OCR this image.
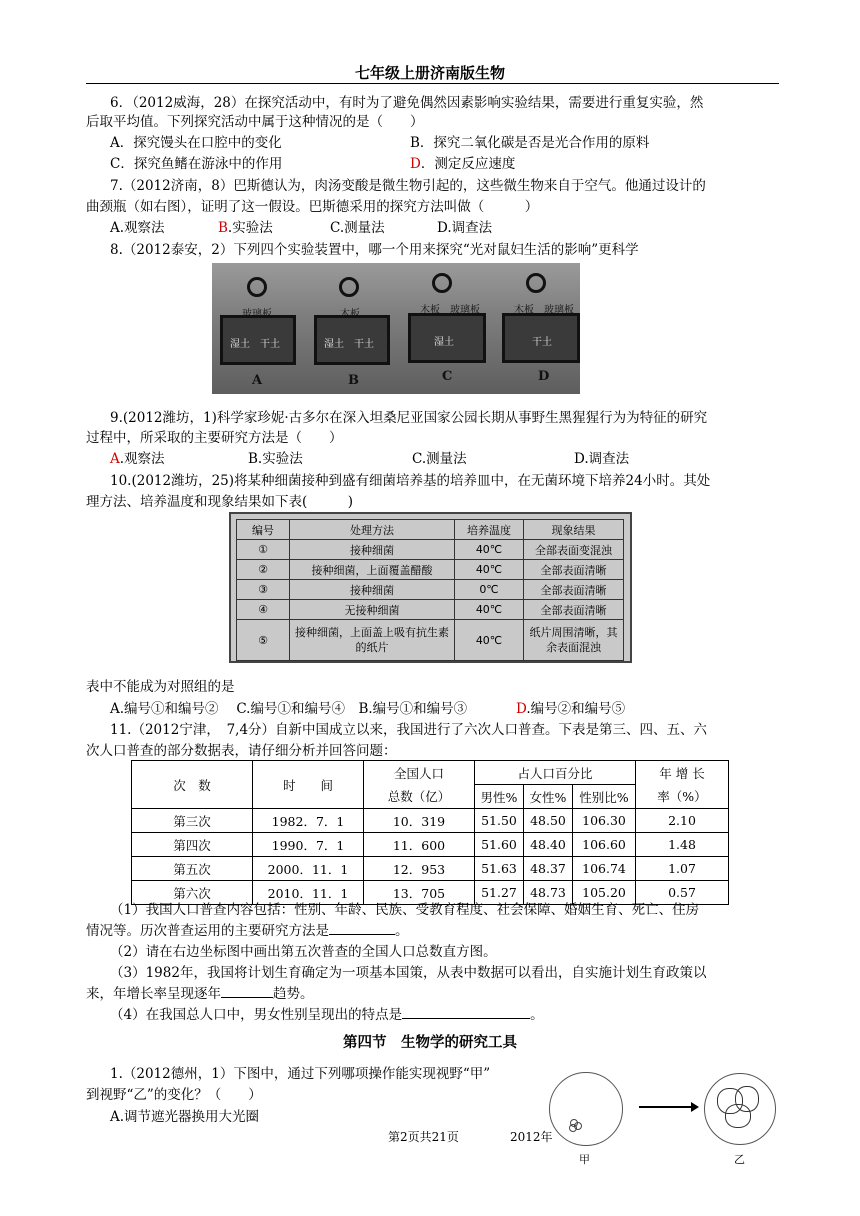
七年级上册济南版生物
6．（2012威海，28）在探究活动中，有时为了避免偶然因素影响实验结果，需要进行重复实验，然
后取平均值。下列探究活动中属于这种情况的是（　　）
A．探究馒头在口腔中的变化	B．探究二氧化碳是否是光合作用的原料
C．探究鱼鳍在游泳中的作用	D．测定反应速度
7.（2012济南，8）巴斯德认为，肉汤变酸是微生物引起的，这些微生物来自于空气。他通过设计的
曲颈瓶（如右图），证明了这一假设。巴斯德采用的探究方法叫做（　　　）
A.观察法	B.实验法	C.测量法	D.调查法
8.（2012泰安，2）下列四个实验装置中，哪一个用来探究“光对鼠妇生活的影响”更科学
玻璃板	木板	木板　玻璃板	木板　玻璃板
湿土　干土	湿土　干土	湿土	干土
A	B	C	D
9.(2012潍坊，1)科学家珍妮·古多尔在深入坦桑尼亚国家公园长期从事野生黑猩猩行为为特征的研究
过程中，所采取的主要研究方法是（　　）
A.观察法	B.实验法	C.测量法	D.调查法
10.(2012潍坊，25)将某种细菌接种到盛有细菌培养基的培养皿中，在无菌环境下培养24小时。其处
理方法、培养温度和现象结果如下表(　　　)
编号	处理方法	培养温度	现象结果
①	接种细菌	40℃	全部表面变混浊
②	接种细菌，上面覆盖醋酸	40℃	全部表面清晰
③	接种细菌	0℃	全部表面清晰
④	无接种细菌	40℃	全部表面清晰
⑤	接种细菌，上面盖上吸有抗生素的纸片	40℃	纸片周围清晰，其余表面混浊
表中不能成为对照组的是
A.编号①和编号②　 C.编号①和编号④　B.编号①和编号③	D.编号②和编号⑤
11.（2012宁津，　7,4分）自新中国成立以来，我国进行了六次人口普查。下表是第三、四、五、六
次人口普查的部分数据表，请仔细分析并回答问题：
次　数	时　　间	全国人口	占人口百分比			年 增 长
		总数（亿）	男性%	女性%	性别比%	率（%）
第三次	1982．7．1	10．319	51.50	48.50	106.30	2.10
第四次	1990．7．1	11．600	51.60	48.40	106.60	1.48
第五次	2000．11．1	12．953	51.63	48.37	106.74	1.07
第六次	2010．11．1	13．705	51.27	48.73	105.20	0.57
（1）我国人口普查内容包括：性别、年龄、民族、受教育程度、社会保障、婚姻生育、死亡、住房
情况等。历次普查运用的主要研究方法是	。
（2）请在右边坐标图中画出第五次普查的全国人口总数直方图。
（3）1982年，我国将计划生育确定为一项基本国策，从表中数据可以看出，自实施计划生育政策以
来，年增长率呈现逐年	趋势。
（4）在我国总人口中，男女性别呈现出的特点是	。
第四节　生物学的研究工具
1.（2012德州，1）下图中，通过下列哪项操作能实现视野“甲”
到视野“乙”的变化？（　　）
A.调节遮光器换用大光圈
甲	乙
第2页共21页	2012年
